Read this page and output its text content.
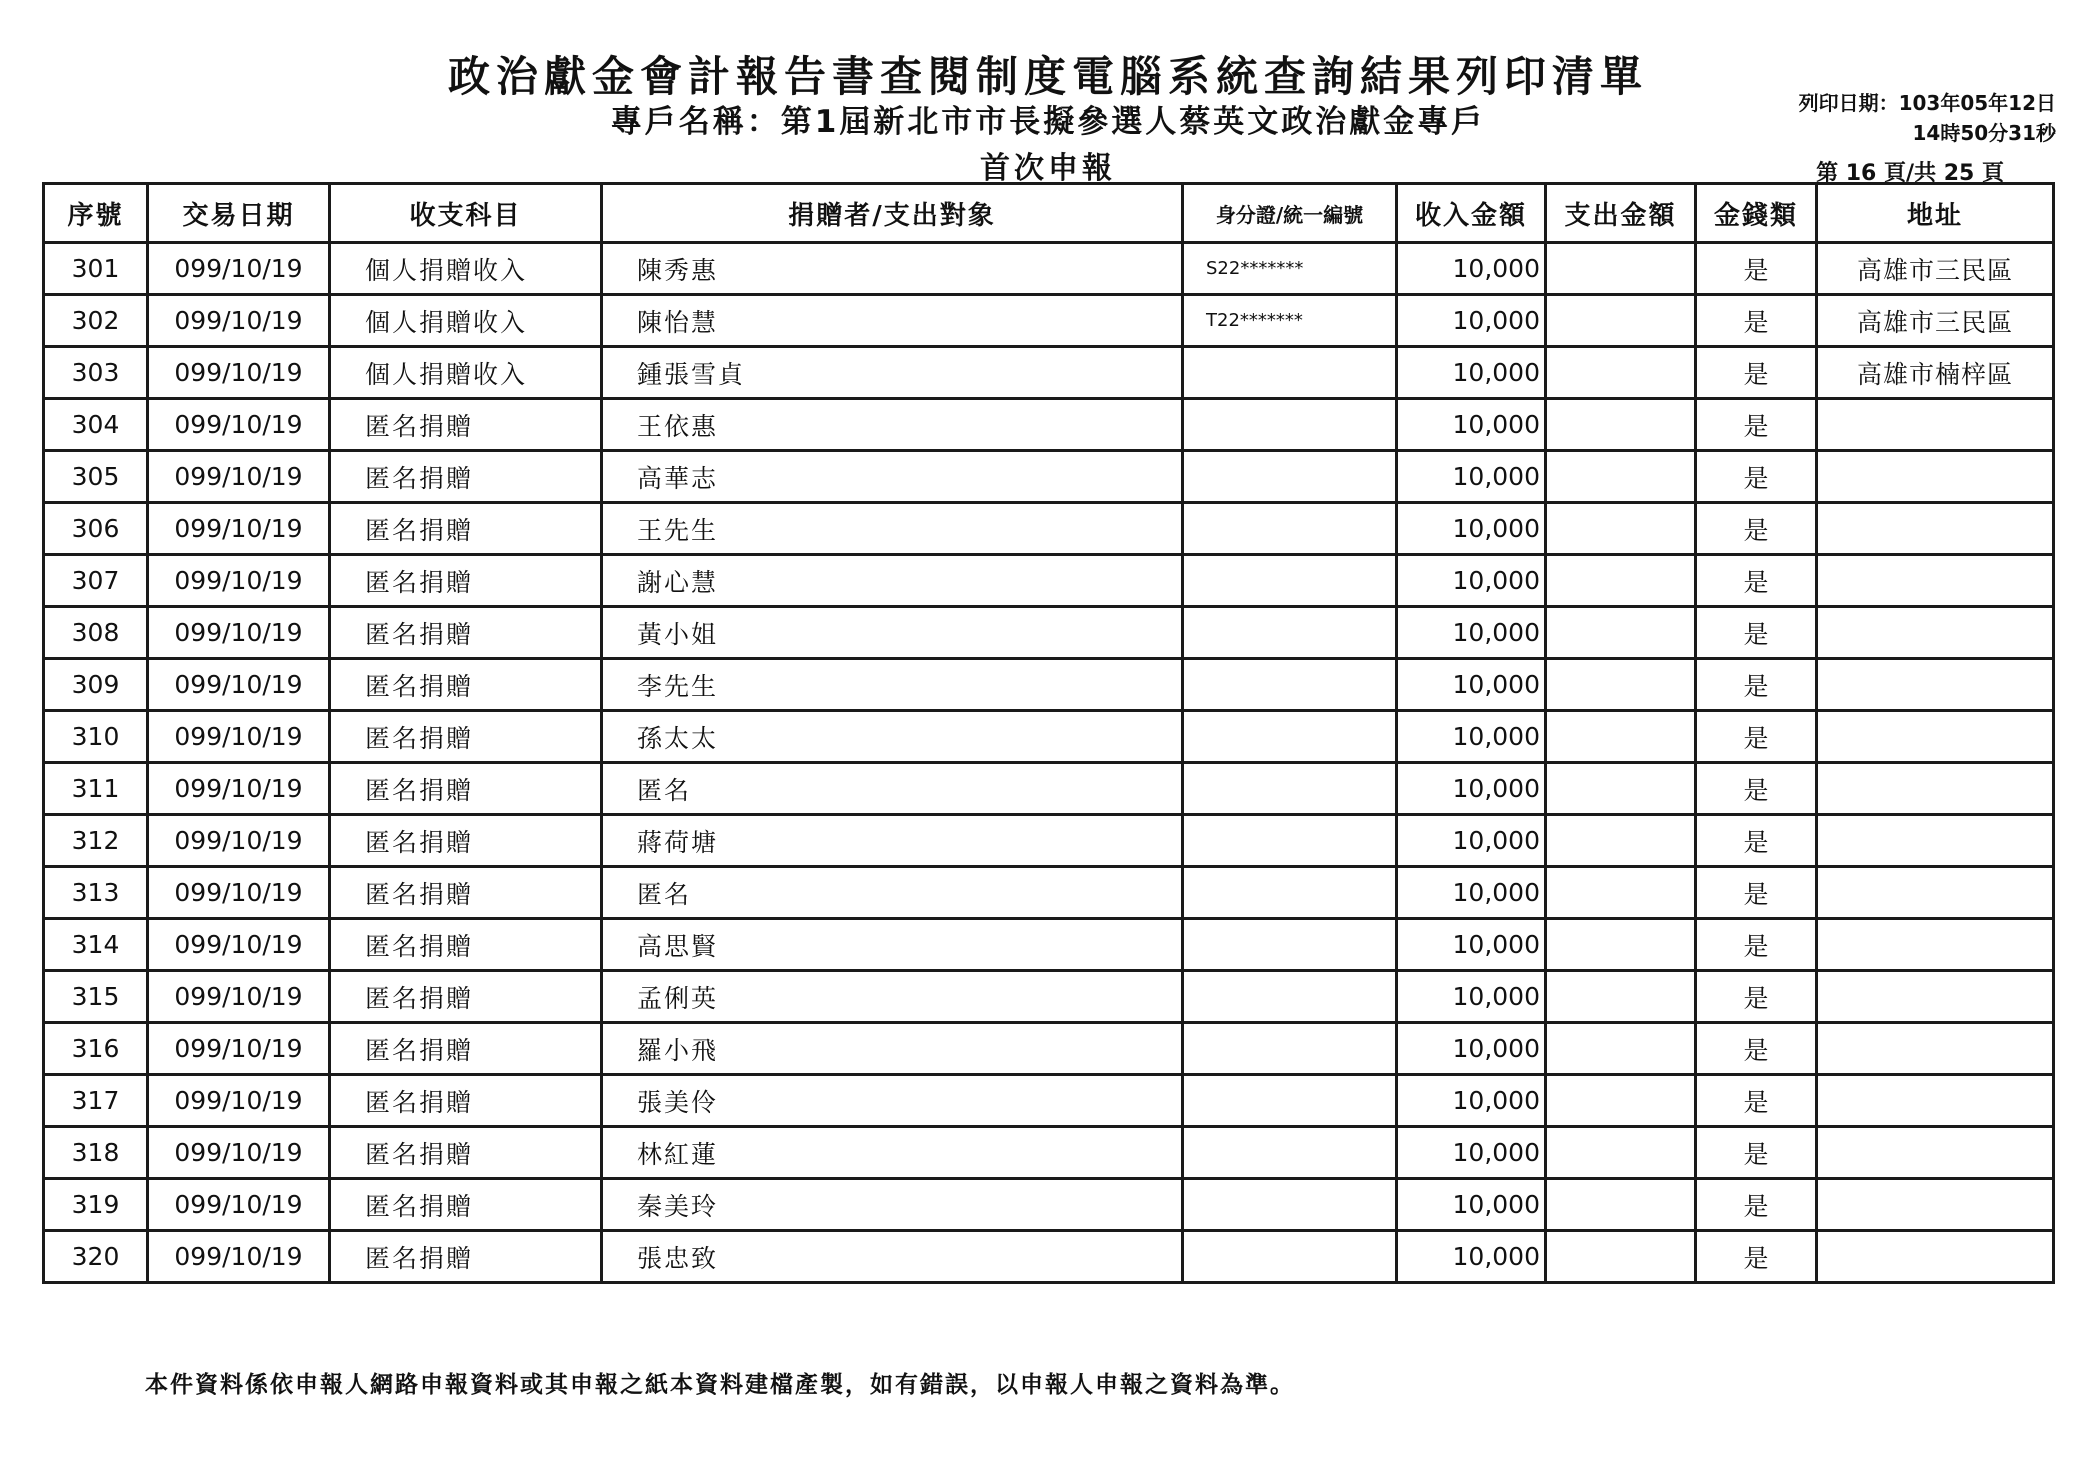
政治獻金會計報告書查閱制度電腦系統查詢結果列印清單
專戶名稱：第1屆新北市市長擬參選人蔡英文政治獻金專戶
首次申報
列印日期：103年05年12日
14時50分31秒
第 16 頁/共 25 頁
序號	交易日期	收支科目	捐贈者/支出對象	身分證/統一編號	收入金額	支出金額	金錢類	地址
301	099/10/19	個人捐贈收入	陳秀惠	S22*******	10,000		是	高雄市三民區
302	099/10/19	個人捐贈收入	陳怡慧	T22*******	10,000		是	高雄市三民區
303	099/10/19	個人捐贈收入	鍾張雪貞		10,000		是	高雄市楠梓區
304	099/10/19	匿名捐贈	王依惠		10,000		是	
305	099/10/19	匿名捐贈	高華志		10,000		是	
306	099/10/19	匿名捐贈	王先生		10,000		是	
307	099/10/19	匿名捐贈	謝心慧		10,000		是	
308	099/10/19	匿名捐贈	黃小姐		10,000		是	
309	099/10/19	匿名捐贈	李先生		10,000		是	
310	099/10/19	匿名捐贈	孫太太		10,000		是	
311	099/10/19	匿名捐贈	匿名		10,000		是	
312	099/10/19	匿名捐贈	蔣荷塘		10,000		是	
313	099/10/19	匿名捐贈	匿名		10,000		是	
314	099/10/19	匿名捐贈	高思賢		10,000		是	
315	099/10/19	匿名捐贈	孟俐英		10,000		是	
316	099/10/19	匿名捐贈	羅小飛		10,000		是	
317	099/10/19	匿名捐贈	張美伶		10,000		是	
318	099/10/19	匿名捐贈	林紅蓮		10,000		是	
319	099/10/19	匿名捐贈	秦美玲		10,000		是	
320	099/10/19	匿名捐贈	張忠致		10,000		是	
本件資料係依申報人網路申報資料或其申報之紙本資料建檔產製，如有錯誤，以申報人申報之資料為準。
